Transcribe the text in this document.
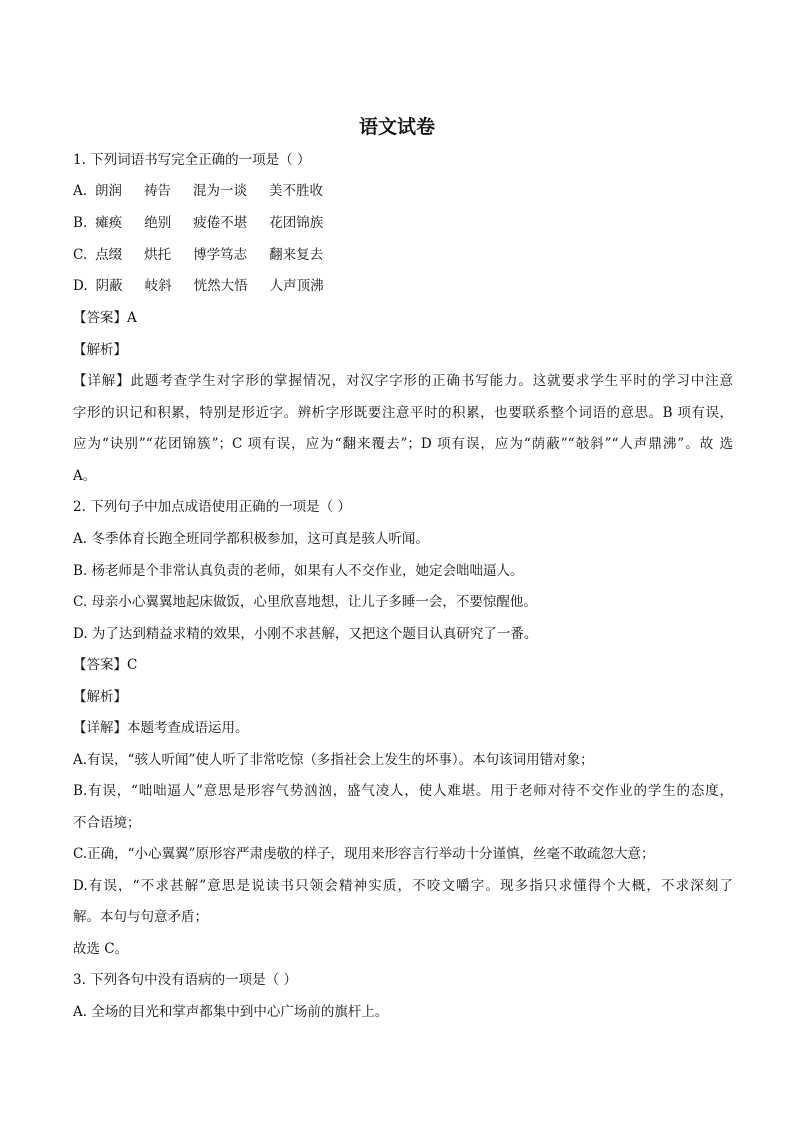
语文试卷
1. 下列词语书写完全正确的一项是（ ）
A. 朗润 祷告 混为一谈 美不胜收
B. 瘫痪 绝别 疲倦不堪 花团锦族
C. 点缀 烘托 博学笃志 翻来复去
D. 阴蔽 岐斜 恍然大悟 人声顶沸
【答案】A
【解析】
【详解】此题考查学生对字形的掌握情况，对汉字字形的正确书写能力。这就要求学生平时的学习中注意
字形的识记和积累，特别是形近字。辨析字形既要注意平时的积累，也要联系整个词语的意思。B 项有误，
应为“诀别”“花团锦簇”；C 项有误，应为“翻来覆去”；D 项有误，应为“荫蔽”“敧斜”“人声鼎沸”。故 选
A。
2. 下列句子中加点成语使用正确的一项是（ ）
A. 冬季体育长跑全班同学都积极参加，这可真是骇人听闻。
B. 杨老师是个非常认真负责的老师，如果有人不交作业，她定会咄咄逼人。
C. 母亲小心翼翼地起床做饭，心里欣喜地想，让儿子多睡一会，不要惊醒他。
D. 为了达到精益求精的效果，小刚不求甚解，又把这个题目认真研究了一番。
【答案】C
【解析】
【详解】本题考查成语运用。
A.有误，“骇人听闻”使人听了非常吃惊（多指社会上发生的坏事）。本句该词用错对象；
B.有误，“咄咄逼人”意思是形容气势汹汹，盛气凌人，使人难堪。用于老师对待不交作业的学生的态度，
不合语境；
C.正确，“小心翼翼”原形容严肃虔敬的样子，现用来形容言行举动十分谨慎，丝毫不敢疏忽大意；
D.有误，“不求甚解”意思是说读书只领会精神实质，不咬文嚼字。现多指只求懂得个大概，不求深刻了
解。本句与句意矛盾；
故选 C。
3. 下列各句中没有语病的一项是（ ）
A. 全场的目光和掌声都集中到中心广场前的旗杆上。
